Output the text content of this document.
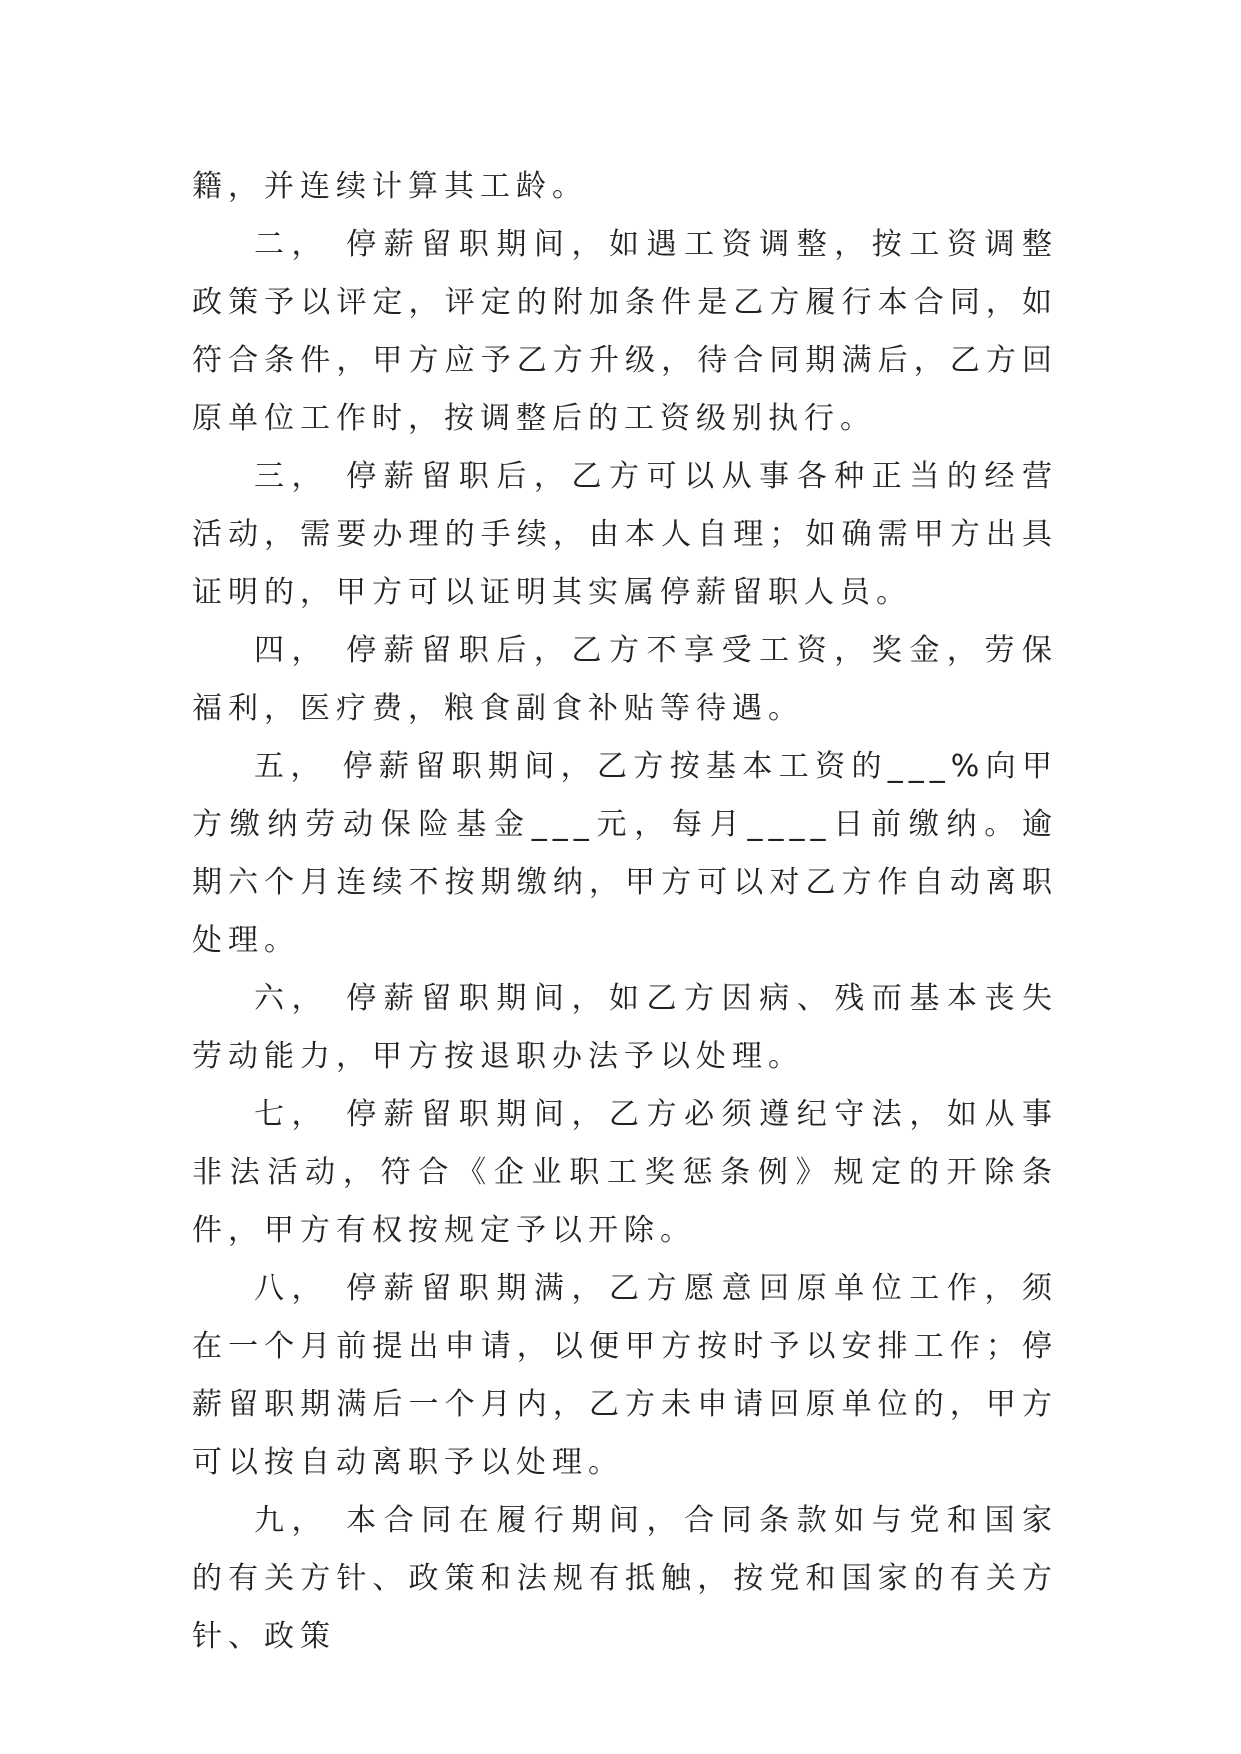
籍，并连续计算其工龄。

二， 停薪留职期间，如遇工资调整，按工资调整政策予以评定，评定的附加条件是乙方履行本合同，如符合条件，甲方应予乙方升级，待合同期满后，乙方回原单位工作时，按调整后的工资级别执行。

三， 停薪留职后，乙方可以从事各种正当的经营活动，需要办理的手续，由本人自理；如确需甲方出具证明的，甲方可以证明其实属停薪留职人员。

四， 停薪留职后，乙方不享受工资，奖金，劳保福利，医疗费，粮食副食补贴等待遇。

五， 停薪留职期间，乙方按基本工资的___%向甲方缴纳劳动保险基金___元，每月____日前缴纳。逾期六个月连续不按期缴纳，甲方可以对乙方作自动离职处理。

六， 停薪留职期间，如乙方因病、残而基本丧失劳动能力，甲方按退职办法予以处理。

七， 停薪留职期间，乙方必须遵纪守法，如从事非法活动，符合《企业职工奖惩条例》规定的开除条件，甲方有权按规定予以开除。

八， 停薪留职期满，乙方愿意回原单位工作，须在一个月前提出申请，以便甲方按时予以安排工作；停薪留职期满后一个月内，乙方未申请回原单位的，甲方可以按自动离职予以处理。

九， 本合同在履行期间，合同条款如与党和国家的有关方针、政策和法规有抵触，按党和国家的有关方针、政策
